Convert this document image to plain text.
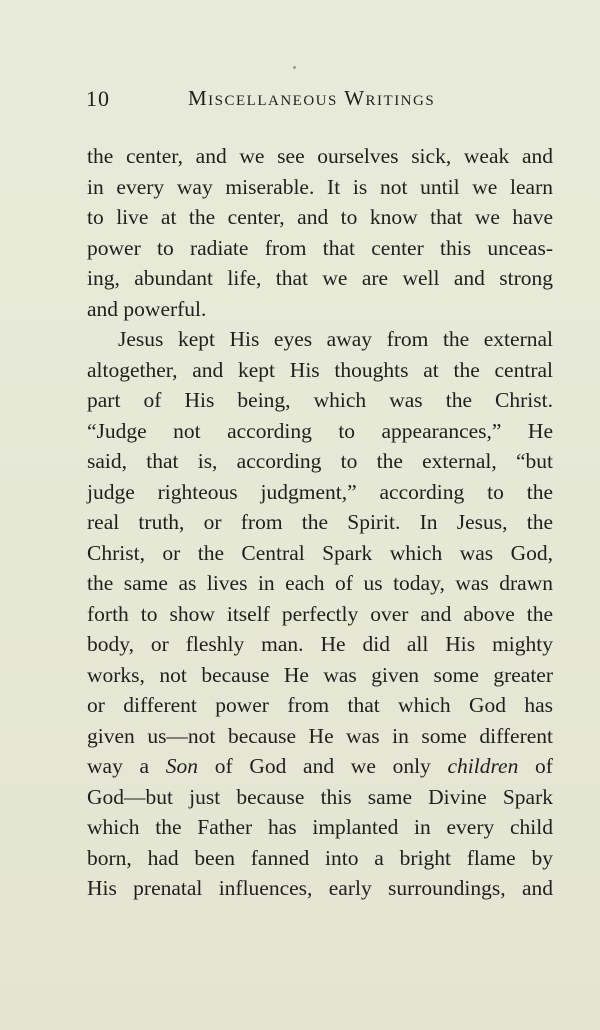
10	Miscellaneous Writings
the center, and we see ourselves sick, weak and
in every way miserable. It is not until we learn
to live at the center, and to know that we have
power to radiate from that center this unceas-
ing, abundant life, that we are well and strong
and powerful.
Jesus kept His eyes away from the external
altogether, and kept His thoughts at the central
part of His being, which was the Christ.
“Judge not according to appearances,” He
said, that is, according to the external, “but
judge righteous judgment,” according to the
real truth, or from the Spirit. In Jesus, the
Christ, or the Central Spark which was God,
the same as lives in each of us today, was drawn
forth to show itself perfectly over and above the
body, or fleshly man. He did all His mighty
works, not because He was given some greater
or different power from that which God has
given us—not because He was in some different
way a Son of God and we only children of
God—but just because this same Divine Spark
which the Father has implanted in every child
born, had been fanned into a bright flame by
His prenatal influences, early surroundings, and
